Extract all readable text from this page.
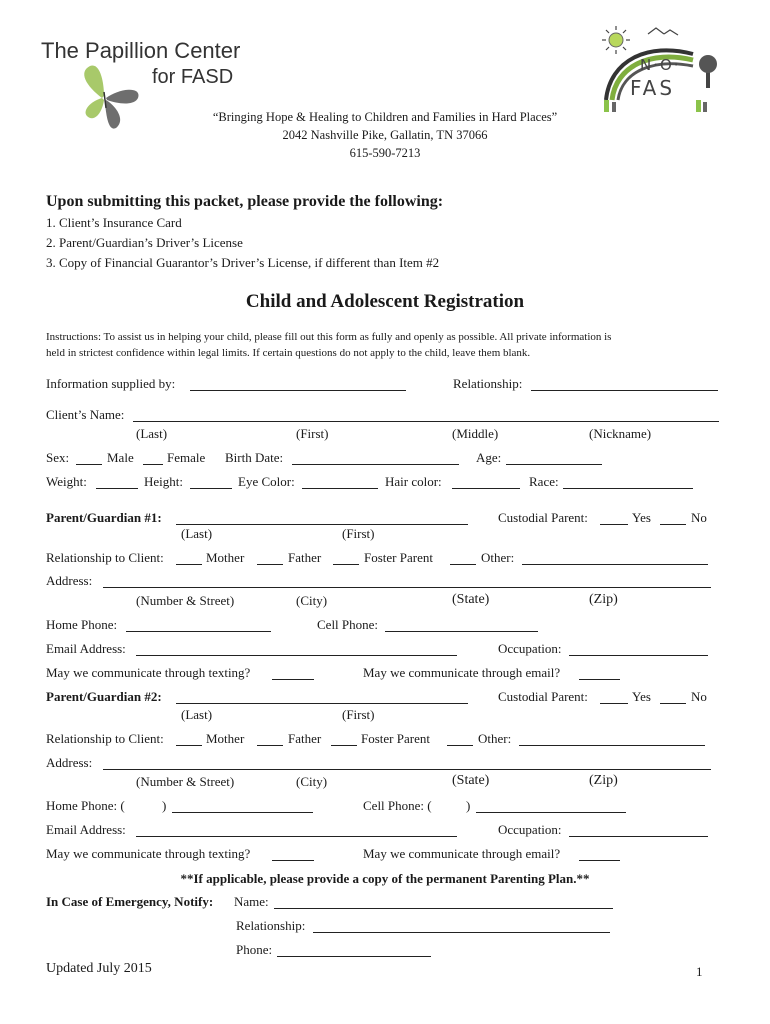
The Papillion Center
for FASD
N·O·
FAS
“Bringing Hope & Healing to Children and Families in Hard Places”
2042 Nashville Pike, Gallatin, TN 37066
615-590-7213
Upon submitting this packet, please provide the following:
1. Client’s Insurance Card
2. Parent/Guardian’s Driver’s License
3. Copy of Financial Guarantor’s Driver’s License, if different than Item #2
Child and Adolescent Registration
Instructions: To assist us in helping your child, please fill out this form as fully and openly as possible. All private information is
held in strictest confidence within legal limits. If certain questions do not apply to the child, leave them blank.
Information supplied by:	Relationship:
Client’s Name:
(Last)	(First)	(Middle)	(Nickname)
Sex:	Male	Female Birth Date:	Age:
Weight:	Height:	Eye Color:	Hair color:	Race:
Parent/Guardian #1:	Custodial Parent:	Yes	No
(Last)	(First)
Relationship to Client:	Mother	Father	Foster Parent	Other:
Address:
(Number & Street)	(City)	(State)	(Zip)
Home Phone:	Cell Phone:
Email Address:	Occupation:
May we communicate through texting?	May we communicate through email?
Parent/Guardian #2:	Custodial Parent:	Yes	No
(Last)	(First)
Relationship to Client:	Mother	Father	Foster Parent	Other:
Address:
(Number & Street)	(City)	(State)	(Zip)
Home Phone: (	)	Cell Phone: (	)
Email Address:	Occupation:
May we communicate through texting?	May we communicate through email?
**If applicable, please provide a copy of the permanent Parenting Plan.**
In Case of Emergency, Notify: Name:
Relationship:
Phone:
Updated July 2015	1
